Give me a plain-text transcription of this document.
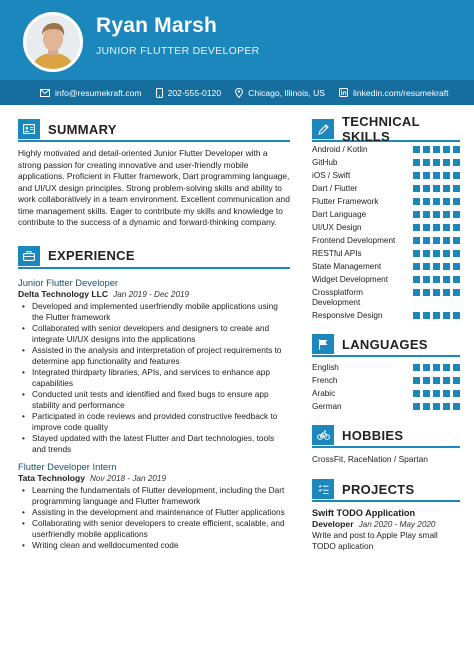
Ryan Marsh
JUNIOR FLUTTER DEVELOPER
info@resumekraft.com	202-555-0120	Chicago, Illinois, US	linkedin.com/resumekraft
SUMMARY
Highly motivated and detail-oriented Junior Flutter Developer with a strong passion for creating innovative and user-friendly mobile applications. Proficient in Flutter framework, Dart programming language, and UI/UX design principles. Strong problem-solving skills and ability to work collaboratively in a team environment. Excellent communication and time management skills. Eager to contribute my skills and knowledge to contribute to the success of a dynamic and forward-thinking company.
EXPERIENCE
Junior Flutter Developer
Delta Technology LLC Jan 2019 - Dec 2019
• Developed and implemented userfriendly mobile applications using the Flutter framework
• Collaborated with senior developers and designers to create and integrate UI/UX designs into the applications
• Assisted in the analysis and interpretation of project requirements to determine app functionality and features
• Integrated thirdparty libraries, APIs, and services to enhance app capabilities
• Conducted unit tests and identified and fixed bugs to ensure app stability and performance
• Participated in code reviews and provided constructive feedback to improve code quality
• Stayed updated with the latest Flutter and Dart technologies, tools and trends
Flutter Developer Intern
Tata Technology Nov 2018 - Jan 2019
• Learning the fundamentals of Flutter development, including the Dart programming language and Flutter framework
• Assisting in the development and maintenance of Flutter applications
• Collaborating with senior developers to create efficient, scalable, and userfriendly mobile applications
• Writing clean and welldocumented code
TECHNICAL SKILLS
Android / Kotlin
GitHub
iOS / Swift
Dart / Flutter
Flutter Framework
Dart Language
UI/UX Design
Frontend Development
RESTful APIs
State Management
Widget Development
Crossplatform Development
Responsive Design
LANGUAGES
English
French
Arabic
German
HOBBIES
CrossFit, RaceNation / Spartan
PROJECTS
Swift TODO Application
Developer Jan 2020 - May 2020
Write and post to Apple Play small TODO aplication
